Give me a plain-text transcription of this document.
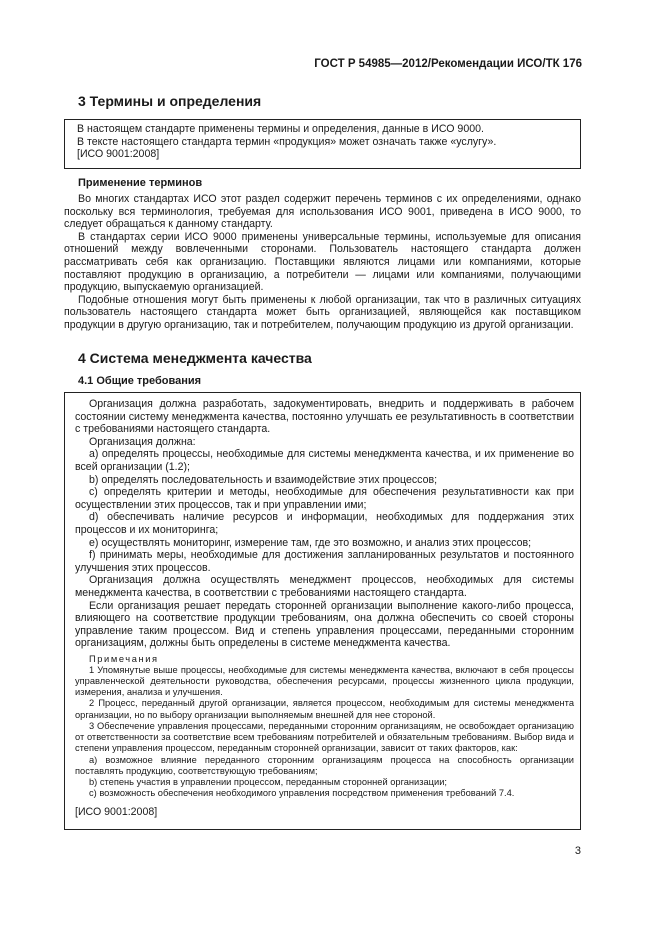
ГОСТ Р 54985—2012/Рекомендации ИСО/ТК 176
3 Термины и определения

В настоящем стандарте применены термины и определения, данные в ИСО 9000.

В тексте настоящего стандарта термин «продукция» может означать также «услугу».

[ИСО 9001:2008]

Применение терминов

Во многих стандартах ИСО этот раздел содержит перечень терминов с их определениями, однако поскольку вся терминология, требуемая для использования ИСО 9001, приведена в ИСО 9000, то следует обращаться к данному стандарту.

В стандартах серии ИСО 9000 применены универсальные термины, используемые для описания отношений между вовлеченными сторонами. Пользователь настоящего стандарта должен рассматривать себя как организацию. Поставщики являются лицами или компаниями, которые поставляют продукцию в организацию, а потребители — лицами или компаниями, получающими продукцию, выпускаемую организацией.

Подобные отношения могут быть применены к любой организации, так что в различных ситуациях пользователь настоящего стандарта может быть организацией, являющейся как поставщиком продукции в другую организацию, так и потребителем, получающим продукцию из другой организации.

4 Система менеджмента качества
4.1 Общие требования

Организация должна разработать, задокументировать, внедрить и поддерживать в рабочем состоянии систему менеджмента качества, постоянно улучшать ее результативность в соответствии с требованиями настоящего стандарта.

Организация должна:

a) определять процессы, необходимые для системы менеджмента качества, и их применение во всей организации (1.2);

b) определять последовательность и взаимодействие этих процессов;

c) определять критерии и методы, необходимые для обеспечения результативности как при осуществлении этих процессов, так и при управлении ими;

d) обеспечивать наличие ресурсов и информации, необходимых для поддержания этих процессов и их мониторинга;

e) осуществлять мониторинг, измерение там, где это возможно, и анализ этих процессов;

f) принимать меры, необходимые для достижения запланированных результатов и постоянного улучшения этих процессов.

Организация должна осуществлять менеджмент процессов, необходимых для системы менеджмента качества, в соответствии с требованиями настоящего стандарта.

Если организация решает передать сторонней организации выполнение какого-либо процесса, влияющего на соответствие продукции требованиям, она должна обеспечить со своей стороны управление таким процессом. Вид и степень управления процессами, переданными сторонним организациям, должны быть определены в системе менеджмента качества.

Примечания

1 Упомянутые выше процессы, необходимые для системы менеджмента качества, включают в себя процессы управленческой деятельности руководства, обеспечения ресурсами, процессы жизненного цикла продукции, измерения, анализа и улучшения.

2 Процесс, переданный другой организации, является процессом, необходимым для системы менеджмента организации, но по выбору организации выполняемым внешней для нее стороной.

3 Обеспечение управления процессами, переданными сторонним организациям, не освобождает организацию от ответственности за соответствие всем требованиям потребителей и обязательным требованиям. Выбор вида и степени управления процессом, переданным сторонней организации, зависит от таких факторов, как:

a) возможное влияние переданного сторонним организациям процесса на способность организации поставлять продукцию, соответствующую требованиям;

b) степень участия в управлении процессом, переданным сторонней организации;

c) возможность обеспечения необходимого управления посредством применения требований 7.4.

[ИСО 9001:2008]

3
